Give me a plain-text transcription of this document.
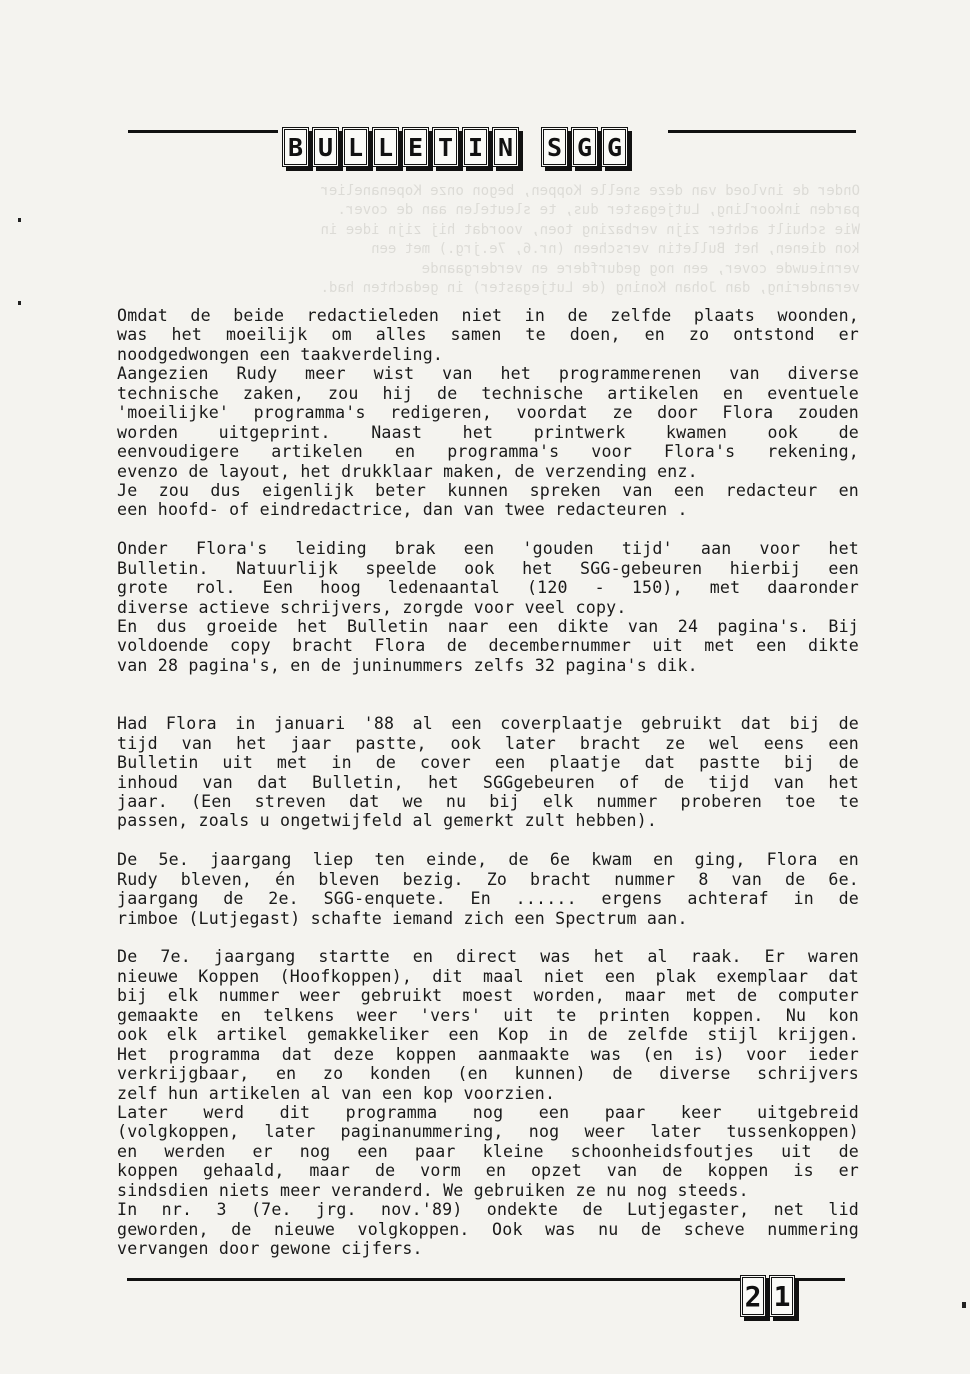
Onder de invloed van deze snelle Koppen, begon onze Kopenanelier
parden inkoorling, Lutjegaster dus, te sleutelen aan de cover.
Wie schuilt achter zijn verbazing toen, voordat hij zijn idee in
kon dienen, het Bulletin verscheen (nr.6, 7e.jrg.) met een
vernieuwde cover, een nog gedurfdere en verdergaande
verandering, dan Johan Koning (de Lutjegaster) in gedachten had.
B U L L E T I N S G G
Omdat de beide redactieleden niet in de zelfde plaats woonden,
was het moeilijk om alles samen te doen, en zo ontstond er
noodgedwongen een taakverdeling.
Aangezien Rudy meer wist van het programmerenen van diverse
technische zaken, zou hij de technische artikelen en eventuele
'moeilijke' programma's redigeren, voordat ze door Flora zouden
worden uitgeprint. Naast het printwerk kwamen ook de
eenvoudigere artikelen en programma's voor Flora's rekening,
evenzo de layout, het drukklaar maken, de verzending enz.
Je zou dus eigenlijk beter kunnen spreken van een redacteur en
een hoofd- of eindredactrice, dan van twee redacteuren .
Onder Flora's leiding brak een 'gouden tijd' aan voor het
Bulletin. Natuurlijk speelde ook het SGG-gebeuren hierbij een
grote rol. Een hoog ledenaantal (120 - 150), met daaronder
diverse actieve schrijvers, zorgde voor veel copy.
En dus groeide het Bulletin naar een dikte van 24 pagina's. Bij
voldoende copy bracht Flora de decembernummer uit met een dikte
van 28 pagina's, en de juninummers zelfs 32 pagina's dik.
Had Flora in januari '88 al een coverplaatje gebruikt dat bij de
tijd van het jaar pastte, ook later bracht ze wel eens een
Bulletin uit met in de cover een plaatje dat pastte bij de
inhoud van dat Bulletin, het SGGgebeuren of de tijd van het
jaar. (Een streven dat we nu bij elk nummer proberen toe te
passen, zoals u ongetwijfeld al gemerkt zult hebben).
De 5e. jaargang liep ten einde, de 6e kwam en ging, Flora en
Rudy bleven, én bleven bezig. Zo bracht nummer 8 van de 6e.
jaargang de 2e. SGG-enquete. En ...... ergens achteraf in de
rimboe (Lutjegast) schafte iemand zich een Spectrum aan.
De 7e. jaargang startte en direct was het al raak. Er waren
nieuwe Koppen (Hoofkoppen), dit maal niet een plak exemplaar dat
bij elk nummer weer gebruikt moest worden, maar met de computer
gemaakte en telkens weer 'vers' uit te printen koppen. Nu kon
ook elk artikel gemakkeliker een Kop in de zelfde stijl krijgen.
Het programma dat deze koppen aanmaakte was (en is) voor ieder
verkrijgbaar, en zo konden (en kunnen) de diverse schrijvers
zelf hun artikelen al van een kop voorzien.
Later werd dit programma nog een paar keer uitgebreid
(volgkoppen, later paginanummering, nog weer later tussenkoppen)
en werden er nog een paar kleine schoonheidsfoutjes uit de
koppen gehaald, maar de vorm en opzet van de koppen is er
sindsdien niets meer veranderd. We gebruiken ze nu nog steeds.
In nr. 3 (7e. jrg. nov.'89) ondekte de Lutjegaster, net lid
geworden, de nieuwe volgkoppen. Ook was nu de scheve nummering
vervangen door gewone cijfers.
2 1
